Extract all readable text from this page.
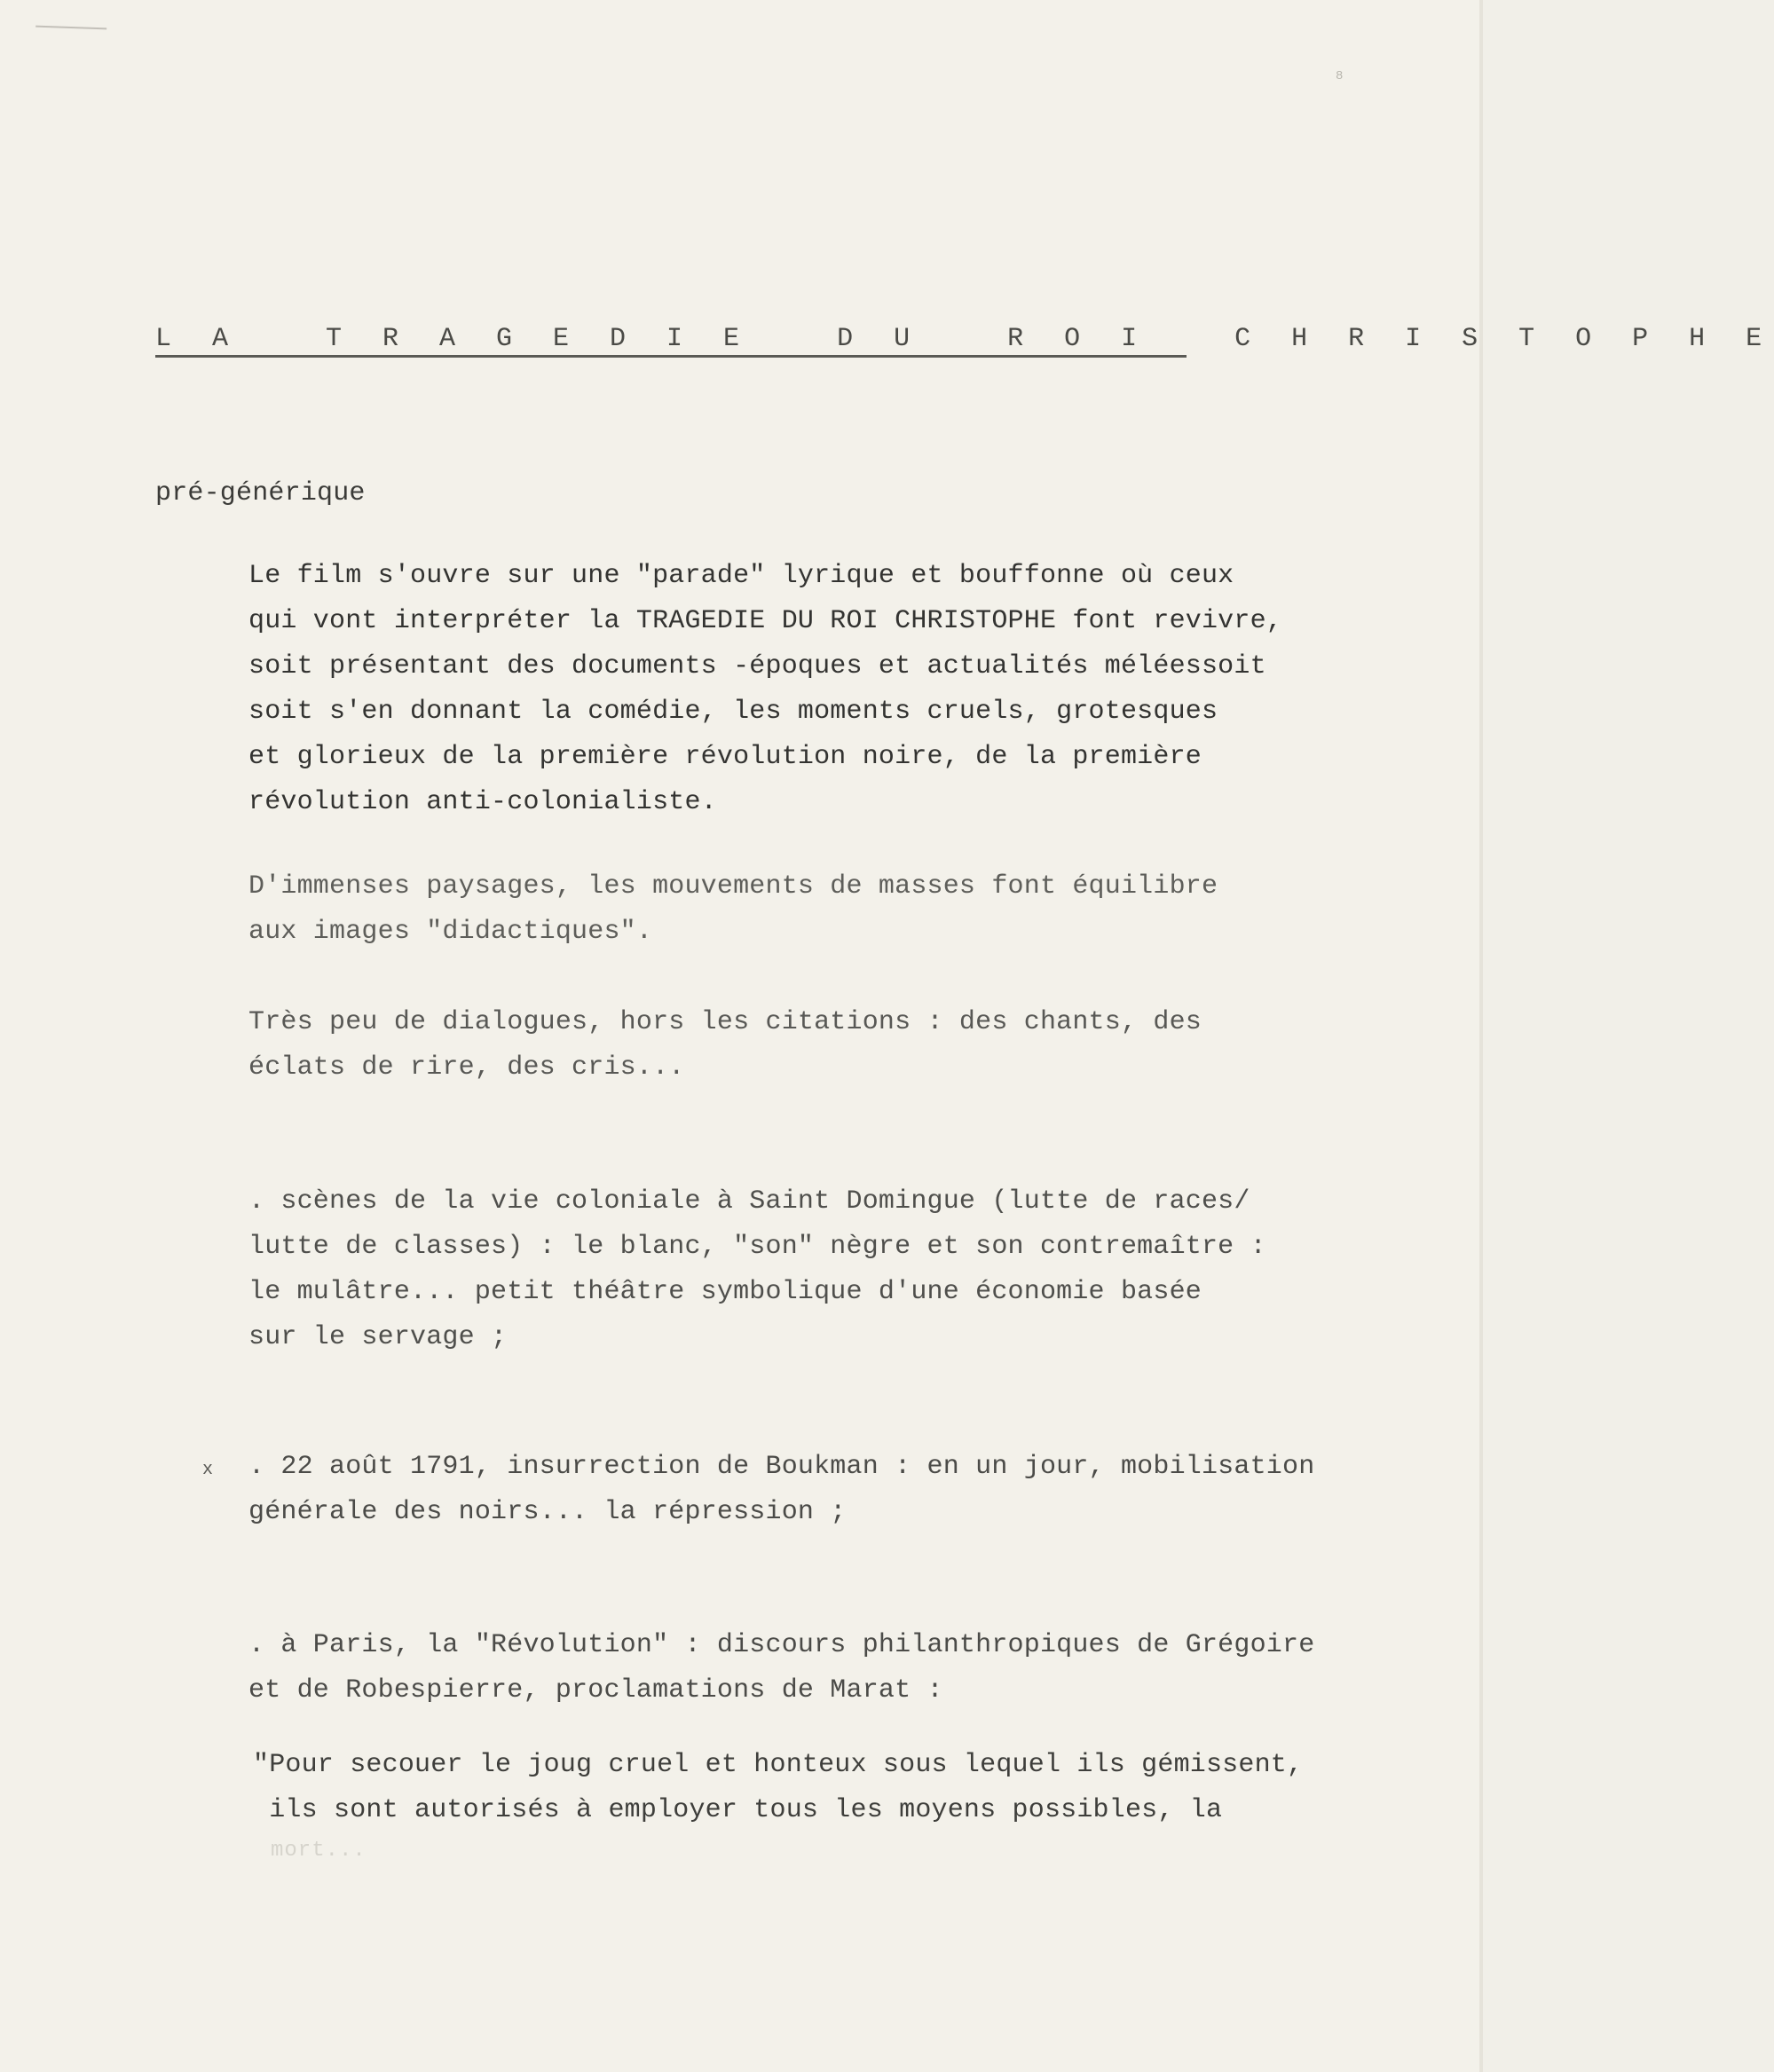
8

L A   T R A G E D I E   D U   R O I   C H R I S T O P H E

pré-générique

Le film s'ouvre sur une "parade" lyrique et bouffonne où ceux
qui vont interpréter la TRAGEDIE DU ROI CHRISTOPHE font revivre,
soit présentant des documents -époques et actualités méléessoit
soit s'en donnant la comédie, les moments cruels, grotesques
et glorieux de la première révolution noire, de la première
révolution anti-colonialiste.

D'immenses paysages, les mouvements de masses font équilibre
aux images "didactiques".

Très peu de dialogues, hors les citations : des chants, des
éclats de rire, des cris...

. scènes de la vie coloniale à Saint Domingue (lutte de races/
lutte de classes) : le blanc, "son" nègre et son contremaître :
le mulâtre... petit théâtre symbolique d'une économie basée
sur le servage ;

x . 22 août 1791, insurrection de Boukman : en un jour, mobilisation
générale des noirs... la répression ;

. à Paris, la "Révolution" : discours philanthropiques de Grégoire
et de Robespierre, proclamations de Marat :

"Pour secouer le joug cruel et honteux sous lequel ils gémissent,
ils sont autorisés à employer tous les moyens possibles, la

mort...
